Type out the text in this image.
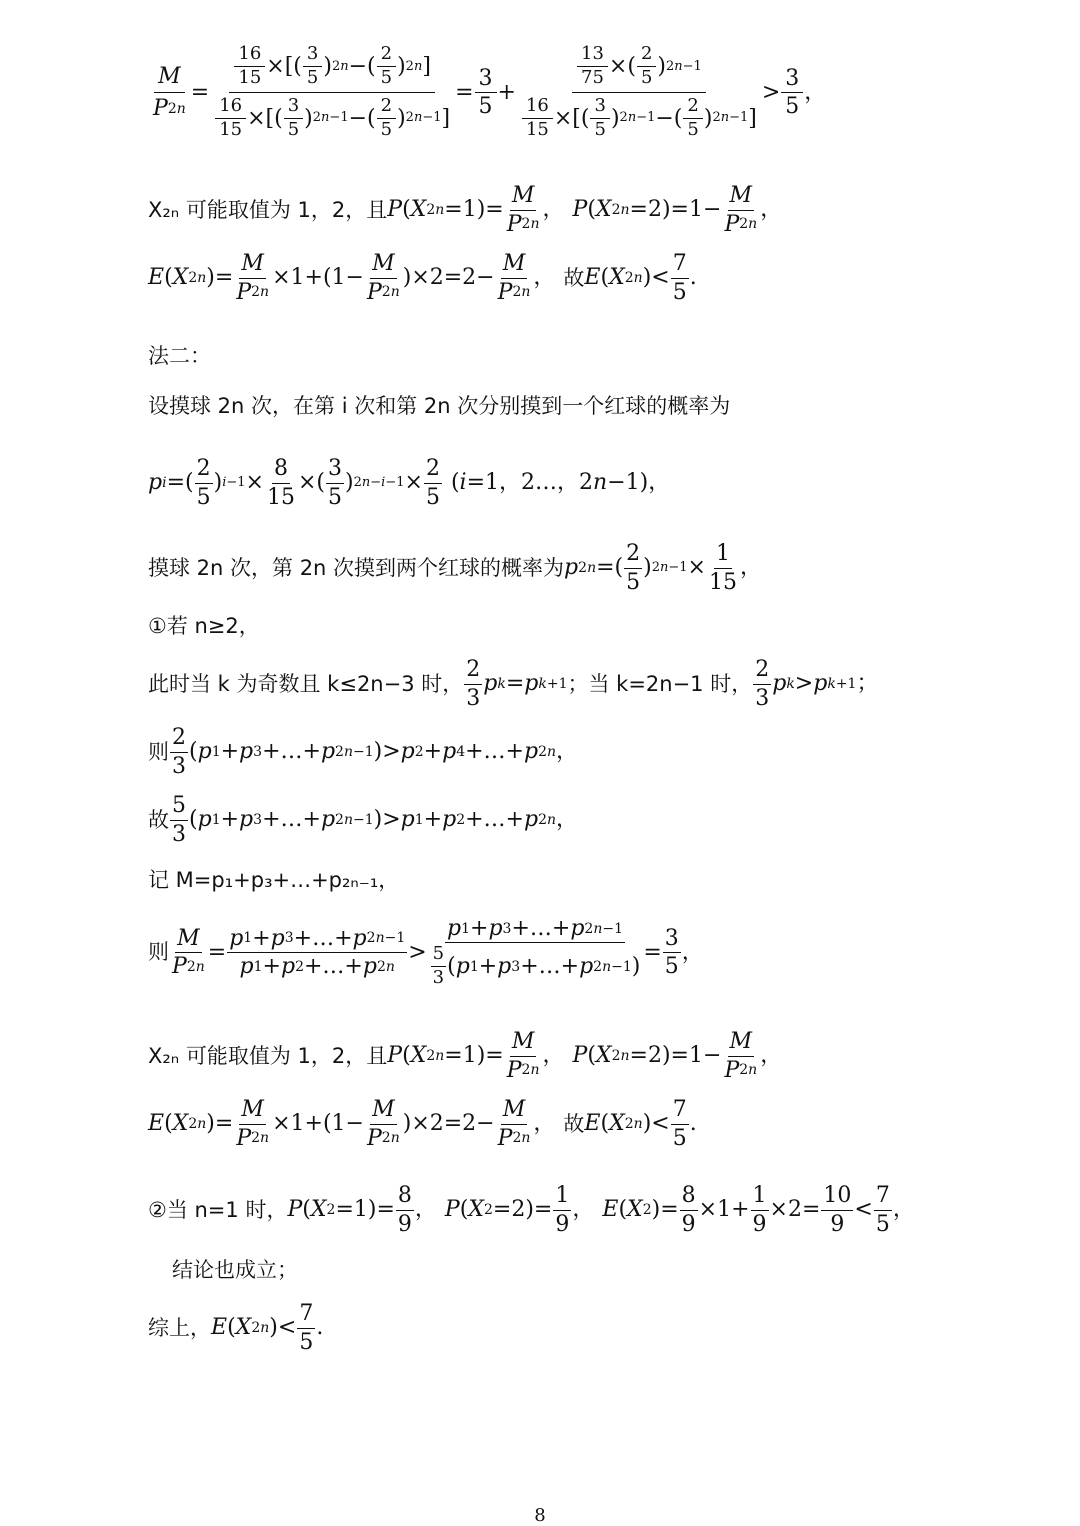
M
P 2n
=
16
15 ×[(
3
5 ) 2n −(
2
5 ) 2n ]
16
15 ×[(
3
5 ) 2n−1 −(
2
5 ) 2n−1 ]
=
3
5
+
13
75 ×(
2
5 ) 2n−1
16
15 ×[(
3
5 ) 2n−1 −(
2
5 ) 2n−1 ]
>
3
5
，
X₂ₙ 可能取值为 1，2，且 P ( X 2n =1)=
M
P 2n
， P ( X 2n =2)=1−
M
P 2n
，
E ( X 2n )=
M
P 2n
×1+(1−
M
P 2n
)×2=2−
M
P 2n
， 故 E ( X 2n )<
7
5
.
法二：
设摸球 2n 次，在第 i 次和第 2n 次分别摸到一个红球的概率为
p i =(
2
5
) i−1 ×
8
15
×(
3
5
) 2n−i−1 ×
2
5
( i =1，2…，2 n −1)，
摸球 2n 次，第 2n 次摸到两个红球的概率为 p 2n =(
2
5
) 2n−1 ×
1
15
，
①若 n≥2，
此时当 k 为奇数且 k≤2n−3 时，
2
3
p k = p k+1 ；当 k=2n−1 时，
2
3
p k > p k+1 ；
则
2
3
( p 1 + p 3 +…+ p 2n−1 )> p 2 + p 4 +…+ p 2n ，
故
5
3
( p 1 + p 3 +…+ p 2n−1 )> p 1 + p 2 +…+ p 2n ，
记 M=p₁+p₃+…+p₂ₙ₋₁，
则
M
P 2n
=
p 1 + p 3 +…+ p 2n−1
p 1 + p 2 +…+ p 2n
>
p 1 + p 3 +…+ p 2n−1
5
3 ( p 1 + p 3 +…+ p 2n−1 )
=
3
5
，
X₂ₙ 可能取值为 1，2，且 P ( X 2n =1)=
M
P 2n
， P ( X 2n =2)=1−
M
P 2n
，
E ( X 2n )=
M
P 2n
×1+(1−
M
P 2n
)×2=2−
M
P 2n
， 故 E ( X 2n )<
7
5
.
②当 n=1 时， P ( X 2 =1)=
8
9
， P ( X 2 =2)=
1
9
， E ( X 2 )=
8
9
×1+
1
9
×2=
10
9
<
7
5
，
结论也成立；
综上， E ( X 2n )<
7
5
.
8
